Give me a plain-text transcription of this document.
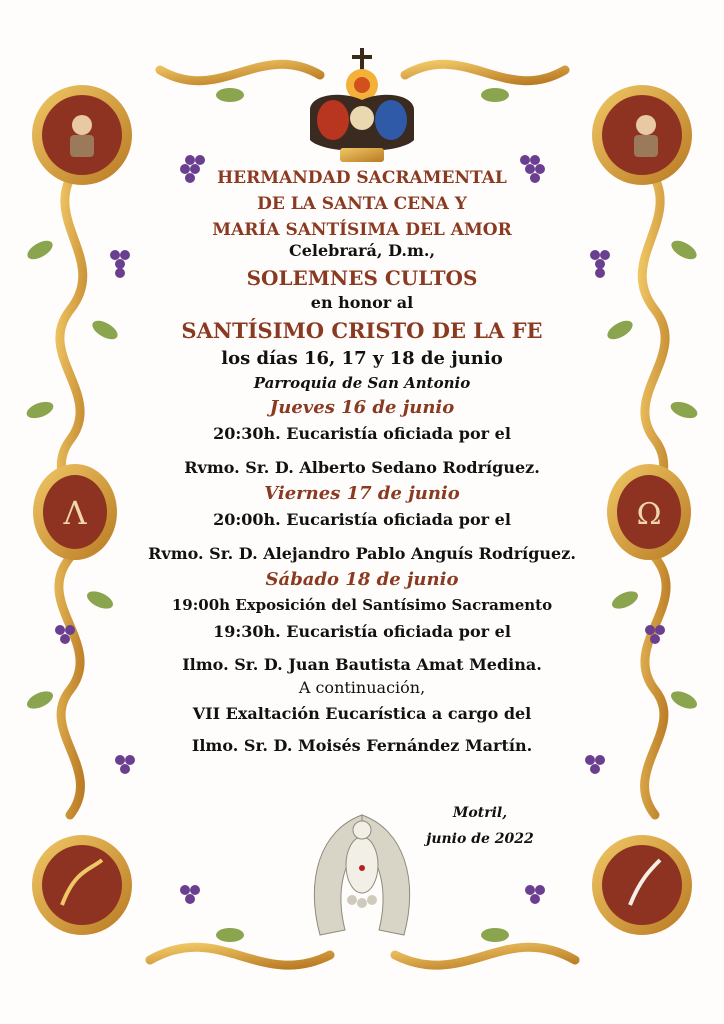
Λ	Ω
HERMANDAD SACRAMENTAL
DE LA SANTA CENA Y
MARÍA SANTÍSIMA DEL AMOR
Celebrará, D.m.,
SOLEMNES CULTOS
en honor al
SANTÍSIMO CRISTO DE LA FE
los días 16, 17 y 18 de junio
Parroquia de San Antonio
Jueves 16 de junio
20:30h. Eucaristía oficiada por el
Rvmo. Sr. D. Alberto Sedano Rodríguez.
Viernes 17 de junio
20:00h. Eucaristía oficiada por el
Rvmo. Sr. D. Alejandro Pablo Anguís Rodríguez.
Sábado 18 de junio
19:00h Exposición del Santísimo Sacramento
19:30h. Eucaristía oficiada por el
Ilmo. Sr. D. Juan Bautista Amat Medina.
A continuación,
VII Exaltación Eucarística a cargo del
Ilmo. Sr. D. Moisés Fernández Martín.
Motril,
junio de 2022
